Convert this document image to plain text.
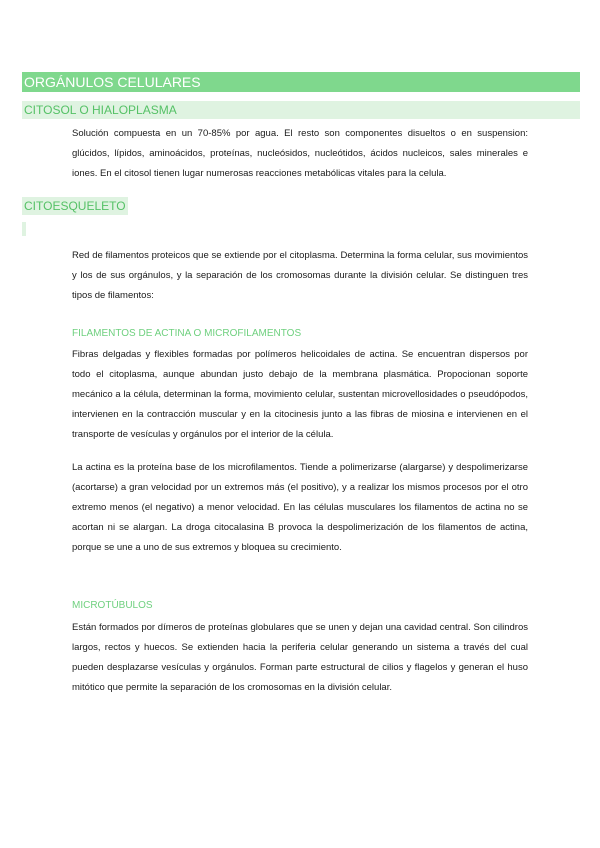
ORGÁNULOS CELULARES
CITOSOL O HIALOPLASMA
Solución compuesta en un 70-85% por agua. El resto son componentes disueltos o en suspension: glúcidos, lípidos, aminoácidos, proteínas, nucleósidos, nucleótidos, ácidos nucleicos, sales minerales e iones. En el citosol tienen lugar numerosas reacciones metabólicas vitales para la celula.
CITOESQUELETO
Red de filamentos proteicos que se extiende por el citoplasma. Determina la forma celular, sus movimientos y los de sus orgánulos, y la separación de los cromosomas durante la división celular. Se distinguen tres tipos de filamentos:
FILAMENTOS DE ACTINA O MICROFILAMENTOS
Fibras delgadas y flexibles formadas por polímeros helicoidales de actina. Se encuentran dispersos por todo el citoplasma, aunque abundan justo debajo de la membrana plasmática. Propocionan soporte mecánico a la célula, determinan la forma, movimiento celular, sustentan microvellosidades o pseudópodos, intervienen en la contracción muscular y en la citocinesis junto a las fibras de miosina e intervienen en el transporte de vesículas y orgánulos por el interior de la célula.
La actina es la proteína base de los microfilamentos. Tiende a polimerizarse (alargarse) y despolimerizarse (acortarse) a gran velocidad por un extremos más (el positivo), y a realizar los mismos procesos por el otro extremo menos (el negativo) a menor velocidad. En las células musculares los filamentos de actina no se acortan ni se alargan. La droga citocalasina B provoca la despolimerización de los filamentos de actina, porque se une a uno de sus extremos y bloquea su crecimiento.
MICROTÚBULOS
Están formados por dímeros de proteínas globulares que se unen y dejan una cavidad central. Son cilindros largos, rectos y huecos. Se extienden hacia la periferia celular generando un sistema a través del cual pueden desplazarse vesículas y orgánulos. Forman parte estructural de cilios y flagelos y generan el huso mitótico que permite la separación de los cromosomas en la división celular.
